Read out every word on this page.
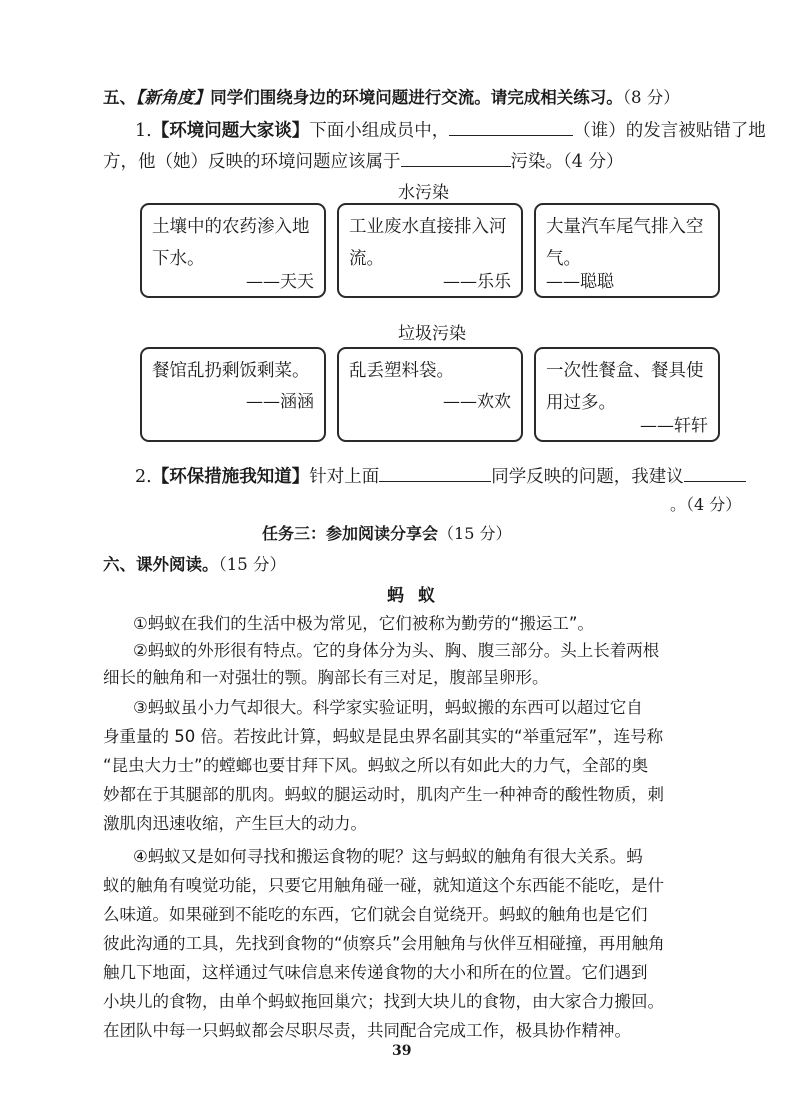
五、【新角度】同学们围绕身边的环境问题进行交流。请完成相关练习。（8 分）
1.【环境问题大家谈】下面小组成员中，	（谁）的发言被贴错了地
方，他（她）反映的环境问题应该属于	污染。（4 分）
水污染
土壤中的农药渗入地下水。
——天天
工业废水直接排入河流。
——乐乐
大量汽车尾气排入空气。
——聪聪
垃圾污染
餐馆乱扔剩饭剩菜。
——涵涵
乱丢塑料袋。
——欢欢
一次性餐盒、餐具使用过多。
——轩轩
2.【环保措施我知道】针对上面	同学反映的问题，我建议
。（4 分）
任务三：参加阅读分享会（15 分）
六、课外阅读。（15 分）
蚂蚁
①蚂蚁在我们的生活中极为常见，它们被称为勤劳的“搬运工”。
②蚂蚁的外形很有特点。它的身体分为头、胸、腹三部分。头上长着两根
细长的触角和一对强壮的颚。胸部长有三对足，腹部呈卵形。
③蚂蚁虽小力气却很大。科学家实验证明，蚂蚁搬的东西可以超过它自
身重量的 50 倍。若按此计算，蚂蚁是昆虫界名副其实的“举重冠军”，连号称
“昆虫大力士”的螳螂也要甘拜下风。蚂蚁之所以有如此大的力气，全部的奥
妙都在于其腿部的肌肉。蚂蚁的腿运动时，肌肉产生一种神奇的酸性物质，刺
激肌肉迅速收缩，产生巨大的动力。
④蚂蚁又是如何寻找和搬运食物的呢？这与蚂蚁的触角有很大关系。蚂
蚁的触角有嗅觉功能，只要它用触角碰一碰，就知道这个东西能不能吃，是什
么味道。如果碰到不能吃的东西，它们就会自觉绕开。蚂蚁的触角也是它们
彼此沟通的工具，先找到食物的“侦察兵”会用触角与伙伴互相碰撞，再用触角
触几下地面，这样通过气味信息来传递食物的大小和所在的位置。它们遇到
小块儿的食物，由单个蚂蚁拖回巢穴；找到大块儿的食物，由大家合力搬回。
在团队中每一只蚂蚁都会尽职尽责，共同配合完成工作，极具协作精神。
39
